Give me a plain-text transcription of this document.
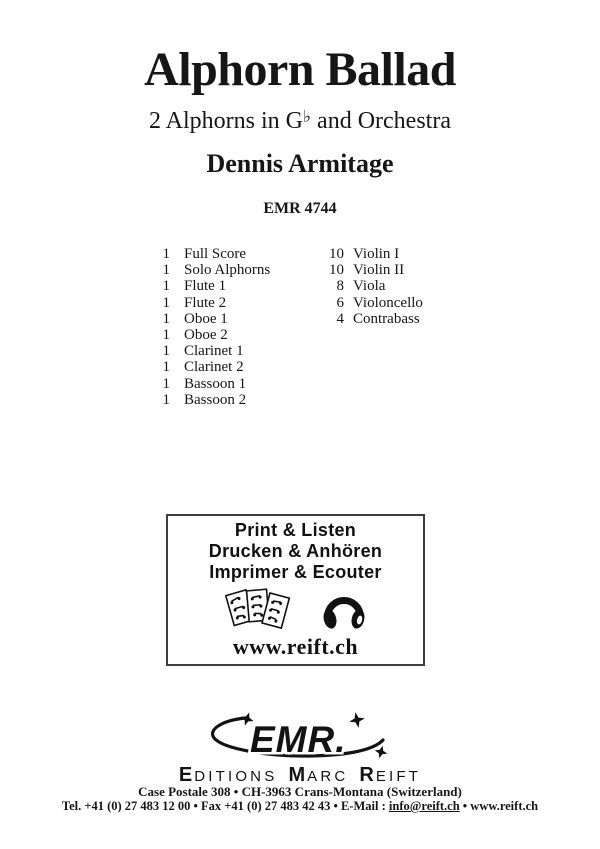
Alphorn Ballad
2 Alphorns in G♭ and Orchestra
Dennis Armitage
EMR 4744
1 Full Score
1 Solo Alphorns
1 Flute 1
1 Flute 2
1 Oboe 1
1 Oboe 2
1 Clarinet 1
1 Clarinet 2
1 Bassoon 1
1 Bassoon 2
10 Violin I
10 Violin II
8 Viola
6 Violoncello
4 Contrabass
Print & Listen
Drucken & Anhören
Imprimer & Ecouter
www.reift.ch
EMR.
E DITIONS M ARC R EIFT
Case Postale 308 • CH-3963 Crans-Montana (Switzerland)
Tel. +41 (0) 27 483 12 00 • Fax +41 (0) 27 483 42 43 • E-Mail : info@reift.ch • www.reift.ch
